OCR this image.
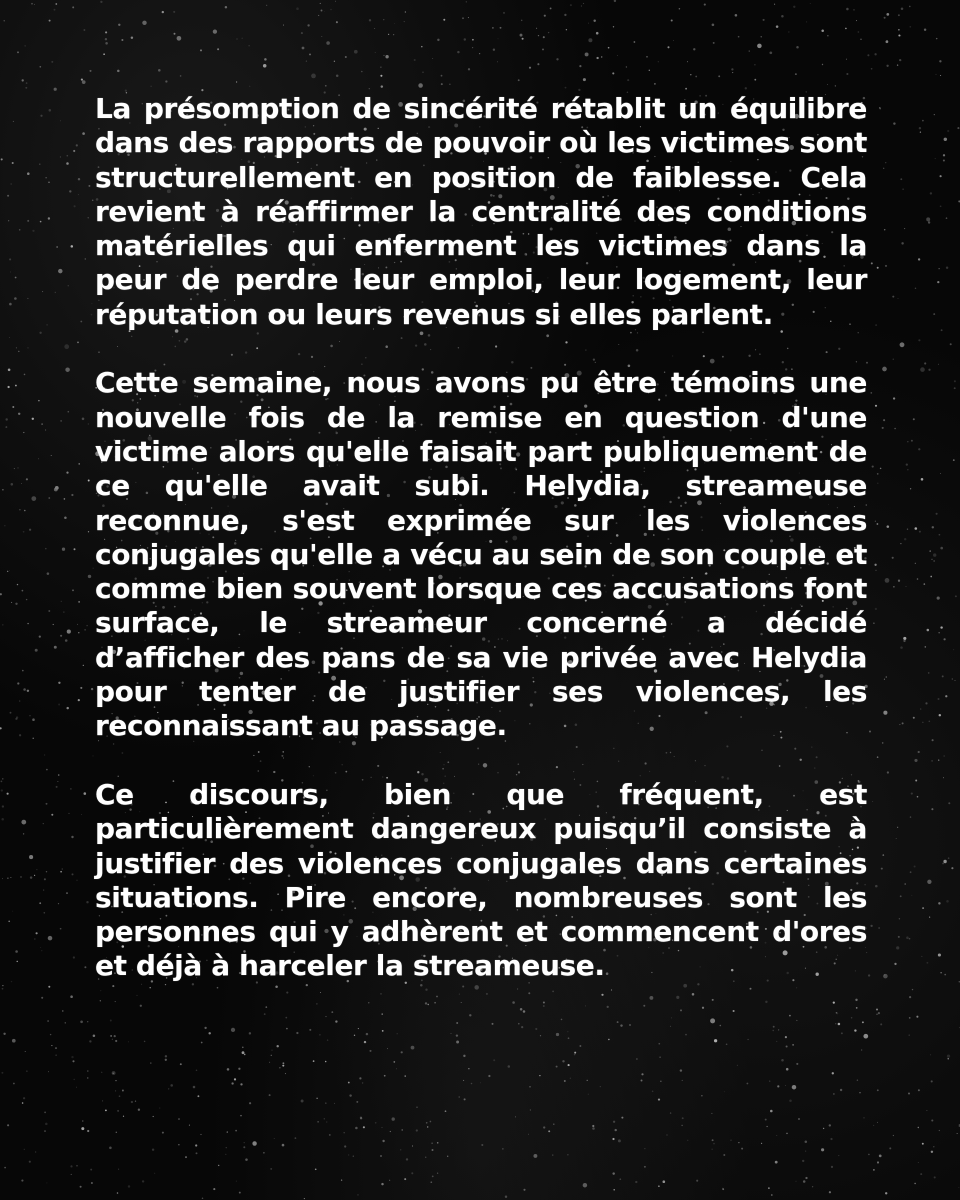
La présomption de sincérité rétablit un équilibre dans des rapports de pouvoir où les victimes sont structurellement en position de faiblesse. Cela revient à réaffirmer la centralité des conditions matérielles qui enferment les victimes dans la peur de perdre leur emploi, leur logement, leur réputation ou leurs revenus si elles parlent.

Cette semaine, nous avons pu être témoins une nouvelle fois de la remise en question d'une victime alors qu'elle faisait part publiquement de ce qu'elle avait subi. Helydia, streameuse reconnue, s'est exprimée sur les violences conjugales qu'elle a vécu au sein de son couple et comme bien souvent lorsque ces accusations font surface, le streameur concerné a décidé d’afficher des pans de sa vie privée avec Helydia pour tenter de justifier ses violences, les reconnaissant au passage.

Ce discours, bien que fréquent, est particulièrement dangereux puisqu’il consiste à justifier des violences conjugales dans certaines situations. Pire encore, nombreuses sont les personnes qui y adhèrent et commencent d'ores et déjà à harceler la streameuse.
